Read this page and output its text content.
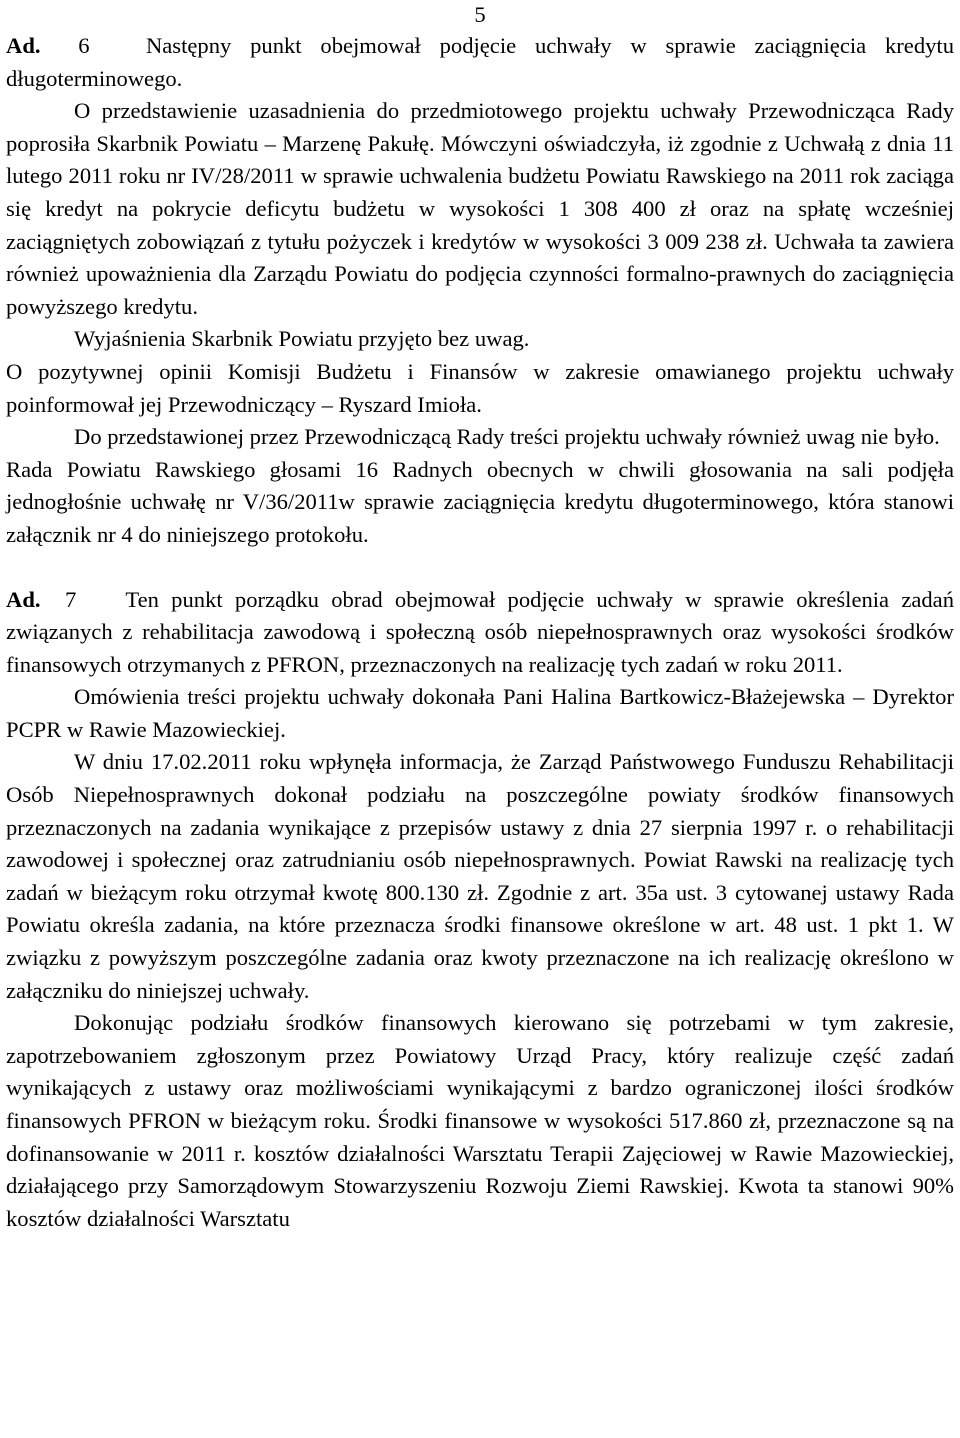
5

Ad. 6 Następny punkt obejmował podjęcie uchwały w sprawie zaciągnięcia kredytu długoterminowego.

O przedstawienie uzasadnienia do przedmiotowego projektu uchwały Przewodnicząca Rady poprosiła Skarbnik Powiatu – Marzenę Pakułę. Mówczyni oświadczyła, iż zgodnie z Uchwałą z dnia 11 lutego 2011 roku nr IV/28/2011 w sprawie uchwalenia budżetu Powiatu Rawskiego na 2011 rok zaciąga się kredyt na pokrycie deficytu budżetu w wysokości 1 308 400 zł oraz na spłatę wcześniej zaciągniętych zobowiązań z tytułu pożyczek i kredytów w wysokości 3 009 238 zł. Uchwała ta zawiera również upoważnienia dla Zarządu Powiatu do podjęcia czynności formalno-prawnych do zaciągnięcia powyższego kredytu.

Wyjaśnienia Skarbnik Powiatu przyjęto bez uwag.

O pozytywnej opinii Komisji Budżetu i Finansów w zakresie omawianego projektu uchwały poinformował jej Przewodniczący – Ryszard Imioła.

Do przedstawionej przez Przewodniczącą Rady treści projektu uchwały również uwag nie było.

Rada Powiatu Rawskiego głosami 16 Radnych obecnych w chwili głosowania na sali podjęła jednogłośnie uchwałę nr V/36/2011w sprawie zaciągnięcia kredytu długoterminowego, która stanowi załącznik nr 4 do niniejszego protokołu.

Ad. 7 Ten punkt porządku obrad obejmował podjęcie uchwały w sprawie określenia zadań związanych z rehabilitacja zawodową i społeczną osób niepełnosprawnych oraz wysokości środków finansowych otrzymanych z PFRON, przeznaczonych na realizację tych zadań w roku 2011.

Omówienia treści projektu uchwały dokonała Pani Halina Bartkowicz-Błażejewska – Dyrektor PCPR w Rawie Mazowieckiej.

W dniu 17.02.2011 roku wpłynęła informacja, że Zarząd Państwowego Funduszu Rehabilitacji Osób Niepełnosprawnych dokonał podziału na poszczególne powiaty środków finansowych przeznaczonych na zadania wynikające z przepisów ustawy z dnia 27 sierpnia 1997 r. o rehabilitacji zawodowej i społecznej oraz zatrudnianiu osób niepełnosprawnych. Powiat Rawski na realizację tych zadań w bieżącym roku otrzymał kwotę 800.130 zł. Zgodnie z art. 35a ust. 3 cytowanej ustawy Rada Powiatu określa zadania, na które przeznacza środki finansowe określone w art. 48 ust. 1 pkt 1. W związku z powyższym poszczególne zadania oraz kwoty przeznaczone na ich realizację określono w załączniku do niniejszej uchwały.

Dokonując podziału środków finansowych kierowano się potrzebami w tym zakresie, zapotrzebowaniem zgłoszonym przez Powiatowy Urząd Pracy, który realizuje część zadań wynikających z ustawy oraz możliwościami wynikającymi z bardzo ograniczonej ilości środków finansowych PFRON w bieżącym roku. Środki finansowe w wysokości 517.860 zł, przeznaczone są na dofinansowanie w 2011 r. kosztów działalności Warsztatu Terapii Zajęciowej w Rawie Mazowieckiej, działającego przy Samorządowym Stowarzyszeniu Rozwoju Ziemi Rawskiej. Kwota ta stanowi 90% kosztów działalności Warsztatu
